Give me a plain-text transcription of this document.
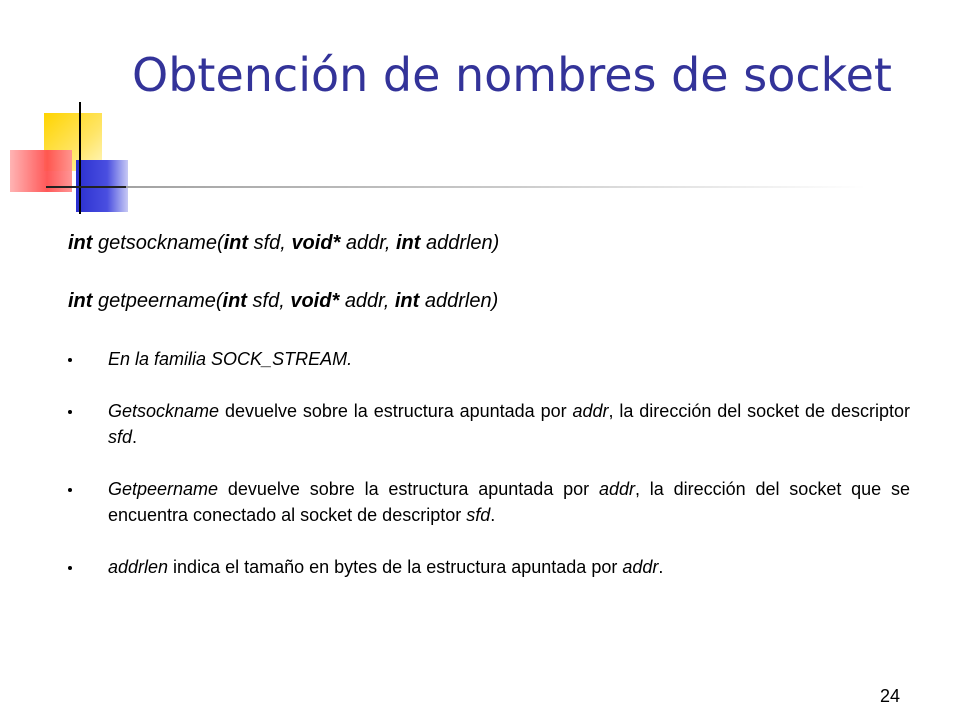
Obtención de nombres de socket

int getsockname(int sfd, void* addr, int addrlen)

int getpeername(int sfd, void* addr, int addrlen)

En la familia SOCK_STREAM.
Getsockname devuelve sobre la estructura apuntada por addr, la dirección del socket de descriptor sfd.
Getpeername devuelve sobre la estructura apuntada por addr, la dirección del socket que se encuentra conectado al socket de descriptor sfd.
addrlen indica el tamaño en bytes de la estructura apuntada por addr.
24
